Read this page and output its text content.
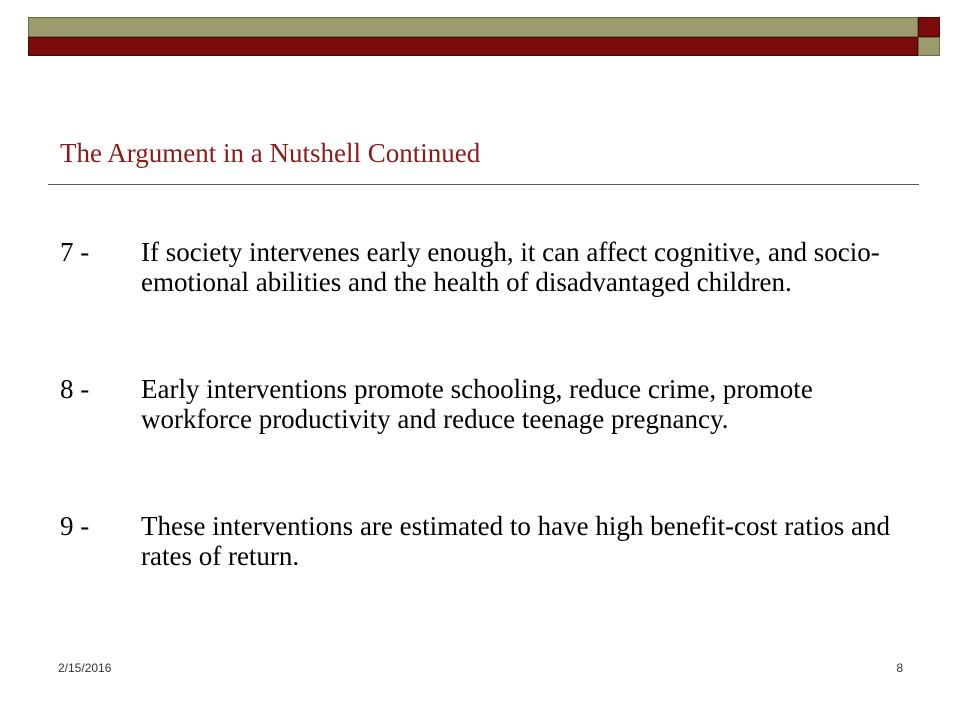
The Argument in a Nutshell Continued
7 - If society intervenes early enough, it can affect cognitive, and socio-emotional abilities and the health of disadvantaged children.
8 - Early interventions promote schooling, reduce crime, promote workforce productivity and reduce teenage pregnancy.
9 - These interventions are estimated to have high benefit-cost ratios and rates of return.
2/15/2016	8
